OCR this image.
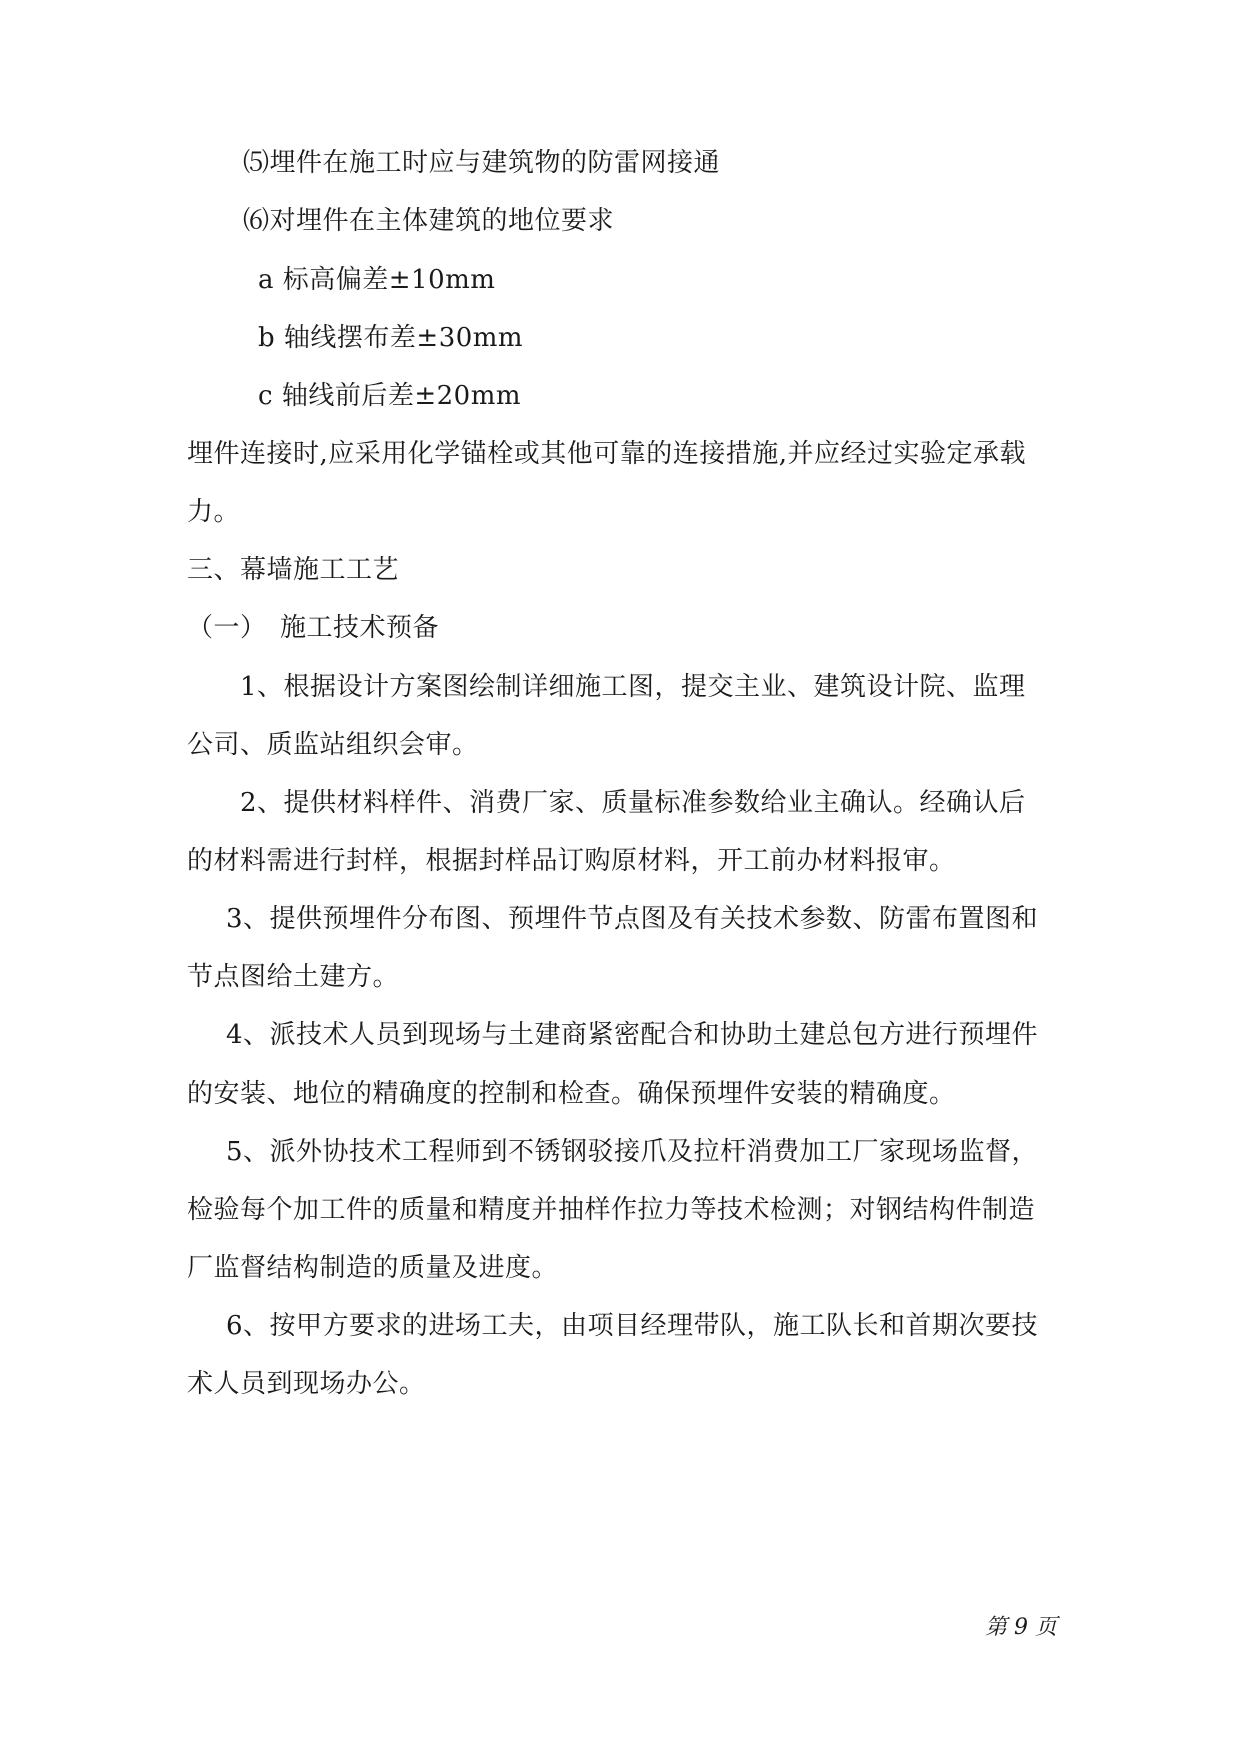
⑸埋件在施工时应与建筑物的防雷网接通
⑹对埋件在主体建筑的地位要求
a 标高偏差±10mm
b 轴线摆布差±30mm
c 轴线前后差±20mm
埋件连接时,应采用化学锚栓或其他可靠的连接措施,并应经过实验定承载
力。
三、幕墙施工工艺
（一）　施工技术预备
1、根据设计方案图绘制详细施工图，提交主业、建筑设计院、监理
公司、质监站组织会审。
2、提供材料样件、消费厂家、质量标准参数给业主确认。经确认后
的材料需进行封样，根据封样品订购原材料，开工前办材料报审。
3、提供预埋件分布图、预埋件节点图及有关技术参数、防雷布置图和
节点图给土建方。
4、派技术人员到现场与土建商紧密配合和协助土建总包方进行预埋件
的安装、地位的精确度的控制和检查。确保预埋件安装的精确度。
5、派外协技术工程师到不锈钢驳接爪及拉杆消费加工厂家现场监督，
检验每个加工件的质量和精度并抽样作拉力等技术检测；对钢结构件制造
厂监督结构制造的质量及进度。
6、按甲方要求的进场工夫，由项目经理带队，施工队长和首期次要技
术人员到现场办公。
第 9 页
